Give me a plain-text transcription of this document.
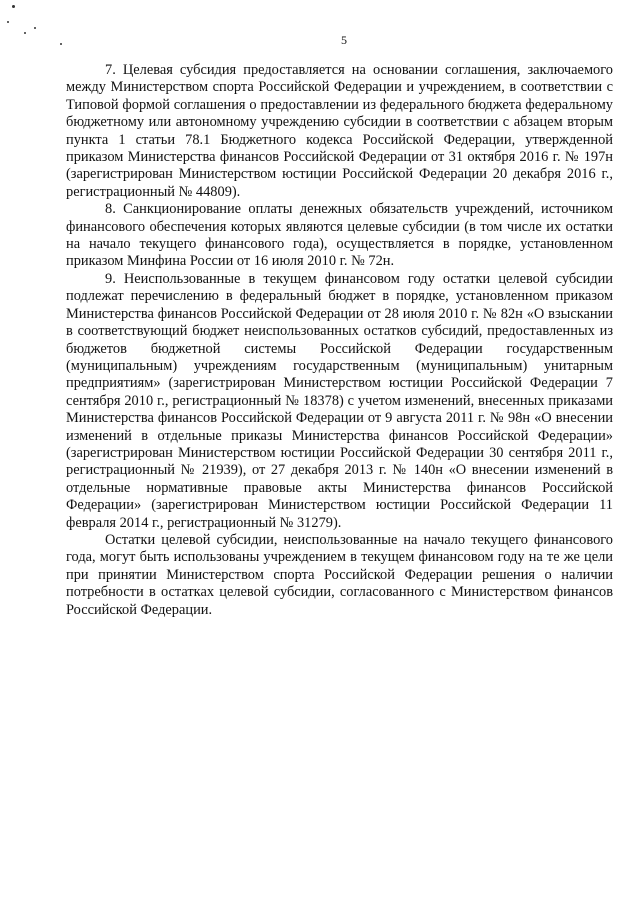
5

7. Целевая субсидия предоставляется на основании соглашения, заключаемого между Министерством спорта Российской Федерации и учреждением, в соответствии с Типовой формой соглашения о предоставлении из федерального бюджета федеральному бюджетному или автономному учреждению субсидии в соответствии с абзацем вторым пункта 1 статьи 78.1 Бюджетного кодекса Российской Федерации, утвержденной приказом Министерства финансов Российской Федерации от 31 октября 2016 г. № 197н (зарегистрирован Министерством юстиции Российской Федерации 20 декабря 2016 г., регистрационный № 44809).

8. Санкционирование оплаты денежных обязательств учреждений, источником финансового обеспечения которых являются целевые субсидии (в том числе их остатки на начало текущего финансового года), осуществляется в порядке, установленном приказом Минфина России от 16 июля 2010 г. № 72н.

9. Неиспользованные в текущем финансовом году остатки целевой субсидии подлежат перечислению в федеральный бюджет в порядке, установленном приказом Министерства финансов Российской Федерации от 28 июля 2010 г. № 82н «О взыскании в соответствующий бюджет неиспользованных остатков субсидий, предоставленных из бюджетов бюджетной системы Российской Федерации государственным (муниципальным) учреждениям государственным (муниципальным) унитарным предприятиям» (зарегистрирован Министерством юстиции Российской Федерации 7 сентября 2010 г., регистрационный № 18378) с учетом изменений, внесенных приказами Министерства финансов Российской Федерации от 9 августа 2011 г. № 98н «О внесении изменений в отдельные приказы Министерства финансов Российской Федерации» (зарегистрирован Министерством юстиции Российской Федерации 30 сентября 2011 г., регистрационный № 21939), от 27 декабря 2013 г. № 140н «О внесении изменений в отдельные нормативные правовые акты Министерства финансов Российской Федерации» (зарегистрирован Министерством юстиции Российской Федерации 11 февраля 2014 г., регистрационный № 31279).

Остатки целевой субсидии, неиспользованные на начало текущего финансового года, могут быть использованы учреждением в текущем финансовом году на те же цели при принятии Министерством спорта Российской Федерации решения о наличии потребности в остатках целевой субсидии, согласованного с Министерством финансов Российской Федерации.
